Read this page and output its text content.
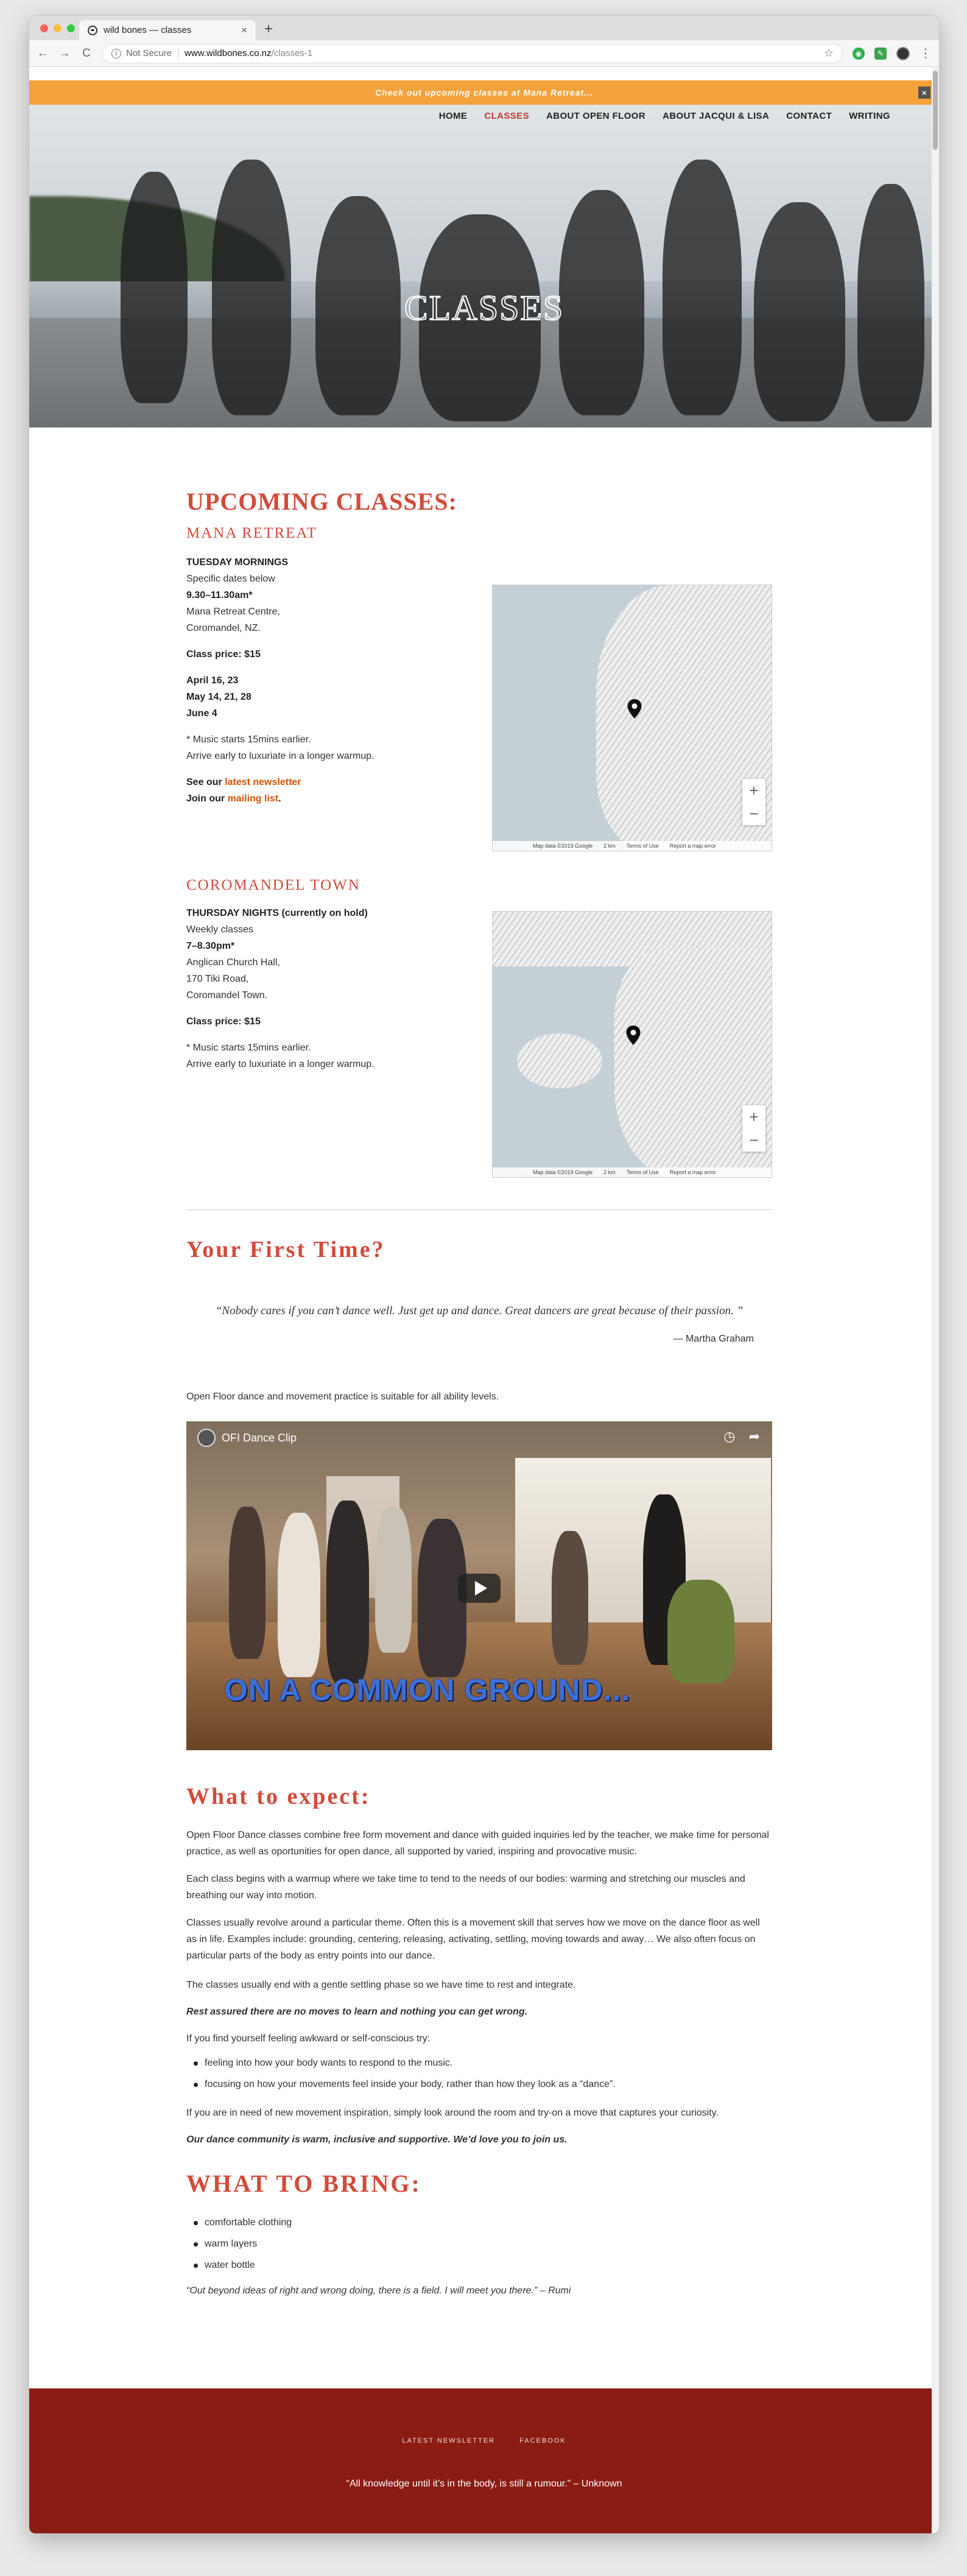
wild bones — classes	× +
← → C	i Not Secure www.wildbones.co.nz /classes-1	☆	◉	✎	⋮
Check out upcoming classes at Mana Retreat...	×
CLASSES
HOME CLASSES ABOUT OPEN FLOOR ABOUT JACQUI & LISA CONTACT WRITING
UPCOMING CLASSES:
MANA RETREAT
TUESDAY MORNINGS
Specific dates below
9.30–11.30am*
Mana Retreat Centre,
Coromandel, NZ.
Class price: $15
April 16, 23
May 14, 21, 28
June 4
* Music starts 15mins earlier.
Arrive early to luxuriate in a longer warmup.
See our latest newsletter
Join our mailing list.	+
−
Map data ©2019 Google 2 km Terms of Use Report a map error
COROMANDEL TOWN
THURSDAY NIGHTS (currently on hold)
Weekly classes
7–8.30pm*
Anglican Church Hall,
170 Tiki Road,
Coromandel Town.
Class price: $15
* Music starts 15mins earlier.
Arrive early to luxuriate in a longer warmup.
+
−
Map data ©2019 Google 2 km Terms of Use Report a map error
Your First Time?
“Nobody cares if you can’t dance well. Just get up and dance. Great dancers are great because of their passion. ”
— Martha Graham
Open Floor dance and movement practice is suitable for all ability levels.
OFI Dance Clip	◷ ➦
ON A COMMON GROUND...
What to expect:
Open Floor Dance classes combine free form movement and dance with guided inquiries led by the teacher, we make time for personal practice, as well as oportunities for open dance, all supported by varied, inspiring and provocative music.
Each class begins with a warmup where we take time to tend to the needs of our bodies: warming and stretching our muscles and breathing our way into motion.
Classes usually revolve around a particular theme. Often this is a movement skill that serves how we move on the dance floor as well as in life. Examples include: grounding, centering, releasing, activating, settling, moving towards and away… We also often focus on particular parts of the body as entry points into our dance.
The classes usually end with a gentle settling phase so we have time to rest and integrate.
Rest assured there are no moves to learn and nothing you can get wrong.
If you find yourself feeling awkward or self-conscious try:
feeling into how your body wants to respond to the music.
focusing on how your movements feel inside your body, rather than how they look as a “dance”.
If you are in need of new movement inspiration, simply look around the room and try-on a move that captures your curiosity.
Our dance community is warm, inclusive and supportive. We’d love you to join us.
WHAT TO BRING:
comfortable clothing
warm layers
water bottle
“Out beyond ideas of right and wrong doing, there is a field. I will meet you there.” – Rumi
LATEST NEWSLETTER	FACEBOOK
“All knowledge until it’s in the body, is still a rumour.” – Unknown
